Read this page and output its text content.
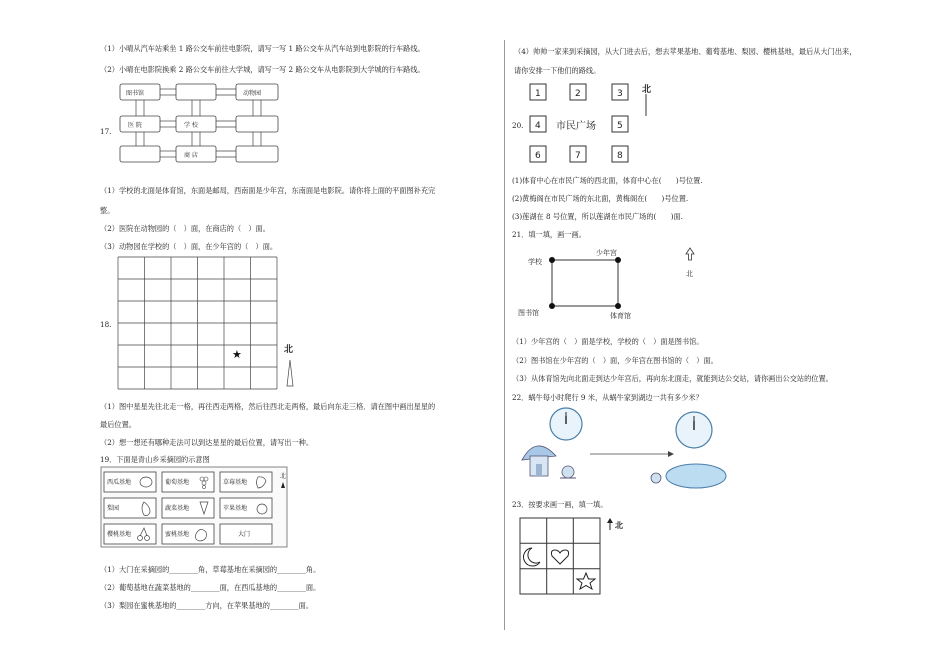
（1）小晴从汽车站乘坐 1 路公交车前往电影院，请写一写 1 路公交车从汽车站到电影院的行车路线。
（2）小晴在电影院换乘 2 路公交车前往大学城，请写一写 2 路公交车从电影院到大学城的行车路线。
17.
图书馆	动物园
医 院	学 校
商 店
（1）学校的北面是体育馆，东面是邮局，西南面是少年宫，东南面是电影院。请你将上面的平面图补充完
整。
（2）医院在动物园的（　）面，在商店的（　）面。
（3）动物园在学校的（　）面，在少年宫的（　）面。
18.
★	北
（1）图中星星先往北走一格，再往西走两格，然后往西北走两格，最后向东走三格．请在图中画出星星的
最后位置。
（2）想一想还有哪种走法可以到达星星的最后位置，请写出一种。
19．下面是青山乡采摘园的示意图
西瓜基地	葡萄基地	草莓基地
梨园	蔬菜基地	苹果基地
樱桃基地	蜜桃基地	大门
北
（1）大门在采摘园的________角，草莓基地在采摘园的________角。
（2）葡萄基地在蔬菜基地的________面，在西瓜基地的________面。
（3）梨园在蜜桃基地的________方向，在苹果基地的________面。
（4）帅帅一家来到采摘园，从大门进去后，想去苹果基地、葡萄基地、梨园、樱桃基地，最后从大门出来，
请你安排一下他们的路线。
20.
1	2	3
4 市民广场 5
6	7	8
北
(1)体育中心在市民广场的西北面，体育中心在(　　)号位置.
(2)黄梅阁在市民广场的东北面，黄梅阁在(　　)号位置.
(3)莲湖在 8 号位置，所以莲湖在市民广场的(　　)面.
21．填一填，画一画。
学校
少年宫
图书馆	体育馆
北
（1）少年宫的（　）面是学校，学校的（　）面是图书馆。
（2）图书馆在少年宫的（　）面，少年宫在图书馆的（　）面。
（3）从体育馆先向北面走到达少年宫后，再向东北面走，就能到达公交站，请你画出公交站的位置。
22．蜗牛每小时爬行 9 米，从蜗牛家到湖边一共有多少米？
23．按要求画一画，填一填。
北
